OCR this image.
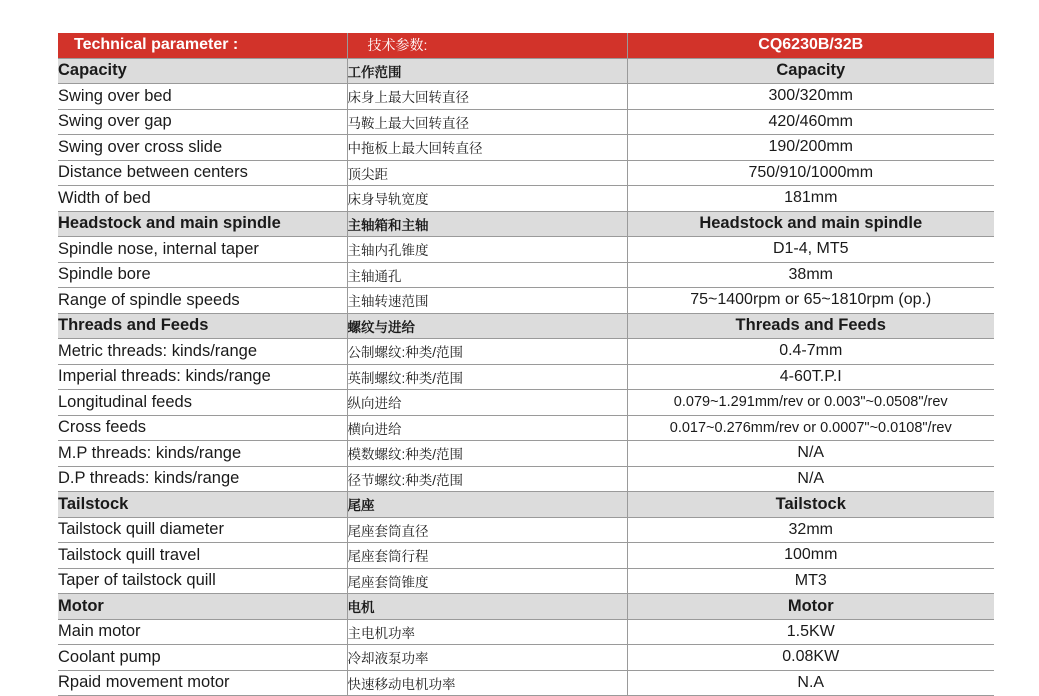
Technical parameter :	技术参数:	CQ6230B/32B
Capacity	工作范围	Capacity
Swing over bed	床身上最大回转直径	300/320mm
Swing over gap	马鞍上最大回转直径	420/460mm
Swing over cross slide	中拖板上最大回转直径	190/200mm
Distance between centers	顶尖距	750/910/1000mm
Width of bed	床身导轨宽度	181mm
Headstock and main spindle	主轴箱和主轴	Headstock and main spindle
Spindle nose, internal taper	主轴内孔锥度	D1-4, MT5
Spindle bore	主轴通孔	38mm
Range of spindle speeds	主轴转速范围	75~1400rpm or 65~1810rpm (op.)
Threads and Feeds	螺纹与进给	Threads and Feeds
Metric threads: kinds/range	公制螺纹:种类/范围	0.4-7mm
Imperial threads: kinds/range	英制螺纹:种类/范围	4-60T.P.I
Longitudinal feeds	纵向进给	0.079~1.291mm/rev or 0.003"~0.0508"/rev
Cross feeds	横向进给	0.017~0.276mm/rev or 0.0007"~0.0108"/rev
M.P threads: kinds/range	模数螺纹:种类/范围	N/A
D.P threads: kinds/range	径节螺纹:种类/范围	N/A
Tailstock	尾座	Tailstock
Tailstock quill diameter	尾座套筒直径	32mm
Tailstock quill travel	尾座套筒行程	100mm
Taper of tailstock quill	尾座套筒锥度	MT3
Motor	电机	Motor
Main motor	主电机功率	1.5KW
Coolant pump	冷却液泵功率	0.08KW
Rpaid movement motor	快速移动电机功率	N.A
